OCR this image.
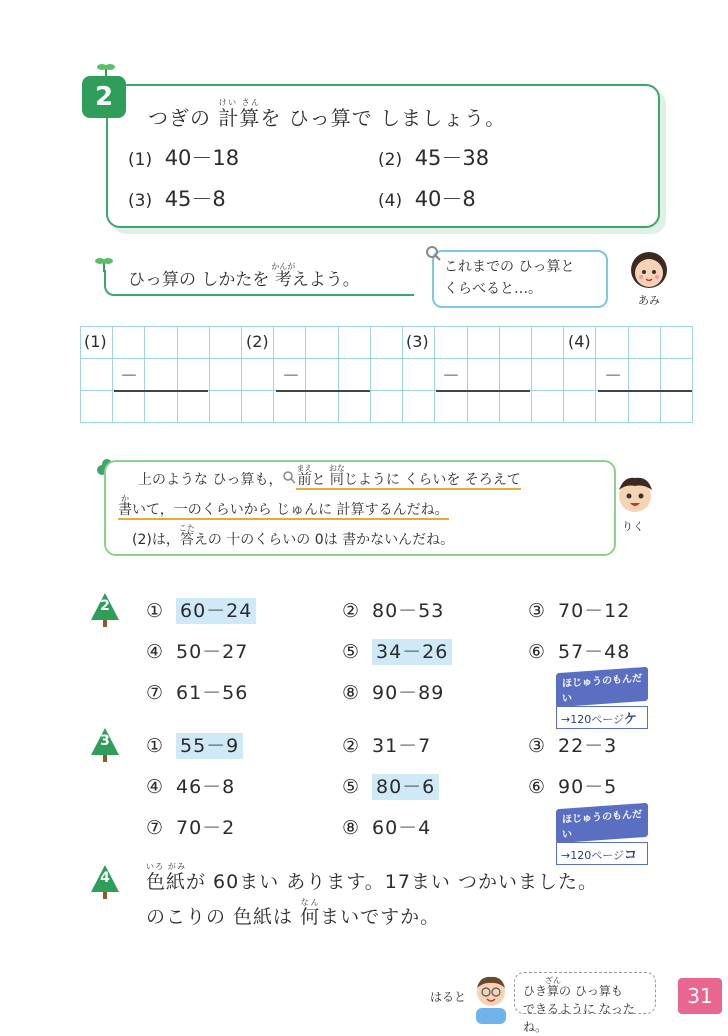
2
つぎの 計算けい さんを ひっ算で しましょう。
(1) 40－18	(2) 45－38
(3) 45－8	(4) 40－8
ひっ算の しかたを 考かんがえよう。
これまでの ひっ算と
くらべると…。
あみ
(1)	(2)	(3)	(4)
－	－	－	－
上のような ひっ算も， 前まえと 同おなじように くらいを そろえて
書かいて，一のくらいから じゅんに 計算するんだね。
(2)は，答こたえの 十のくらいの 0は 書かないんだね。
りく
2	① 60－24	② 80－53	③ 70－12
④ 50－27	⑤ 34－26	⑥ 57－48
⑦ 61－56	⑧ 90－89
ほじゅうのもんだい
→120ページケ
3	① 55－9	② 31－7	③ 22－3
④ 46－8	⑤ 80－6	⑥ 90－5
⑦ 70－2	⑧ 60－4	ほじゅうのもんだい
→120ページコ
4	色紙いろ がみが 60まい あります。17まい つかいました。
のこりの 色紙は 何なんまいですか。
はると	ひき算ざんの ひっ算も
できるように なったね。
31
